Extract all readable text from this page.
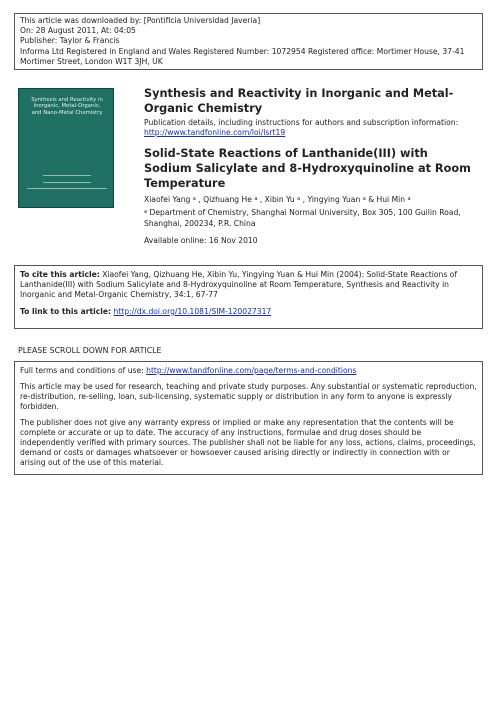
This article was downloaded by: [Pontificia Universidad Javeria]
On: 28 August 2011, At: 04:05
Publisher: Taylor & Francis
Informa Ltd Registered in England and Wales Registered Number: 1072954 Registered office: Mortimer House, 37-41 Mortimer Street, London W1T 3JH, UK
Synthesis and Reactivity in Inorganic, Metal-Organic, and Nano-Metal Chemistry
Synthesis and Reactivity in Inorganic and Metal-Organic Chemistry
Publication details, including instructions for authors and subscription information:
http://www.tandfonline.com/loi/lsrt19
Solid-State Reactions of Lanthanide(III) with Sodium Salicylate and 8-Hydroxyquinoline at Room Temperature
Xiaofei Yang $^a$ , Qizhuang He $^a$ , Xibin Yu $^a$ , Yingying Yuan $^a$ & Hui Min $^a$
$^a$ Department of Chemistry, Shanghai Normal University, Box 305, 100 Guilin Road, Shanghai, 200234, P.R. China
Available online: 16 Nov 2010
To cite this article: Xiaofei Yang, Qizhuang He, Xibin Yu, Yingying Yuan & Hui Min (2004): Solid-State Reactions of Lanthanide(III) with Sodium Salicylate and 8-Hydroxyquinoline at Room Temperature, Synthesis and Reactivity in Inorganic and Metal-Organic Chemistry, 34:1, 67-77
To link to this article: http://dx.doi.org/10.1081/SIM-120027317
PLEASE SCROLL DOWN FOR ARTICLE

Full terms and conditions of use: http://www.tandfonline.com/page/terms-and-conditions

This article may be used for research, teaching and private study purposes. Any substantial or systematic reproduction, re-distribution, re-selling, loan, sub-licensing, systematic supply or distribution in any form to anyone is expressly forbidden.

The publisher does not give any warranty express or implied or make any representation that the contents will be complete or accurate or up to date. The accuracy of any instructions, formulae and drug doses should be independently verified with primary sources. The publisher shall not be liable for any loss, actions, claims, proceedings, demand or costs or damages whatsoever or howsoever caused arising directly or indirectly in connection with or arising out of the use of this material.
